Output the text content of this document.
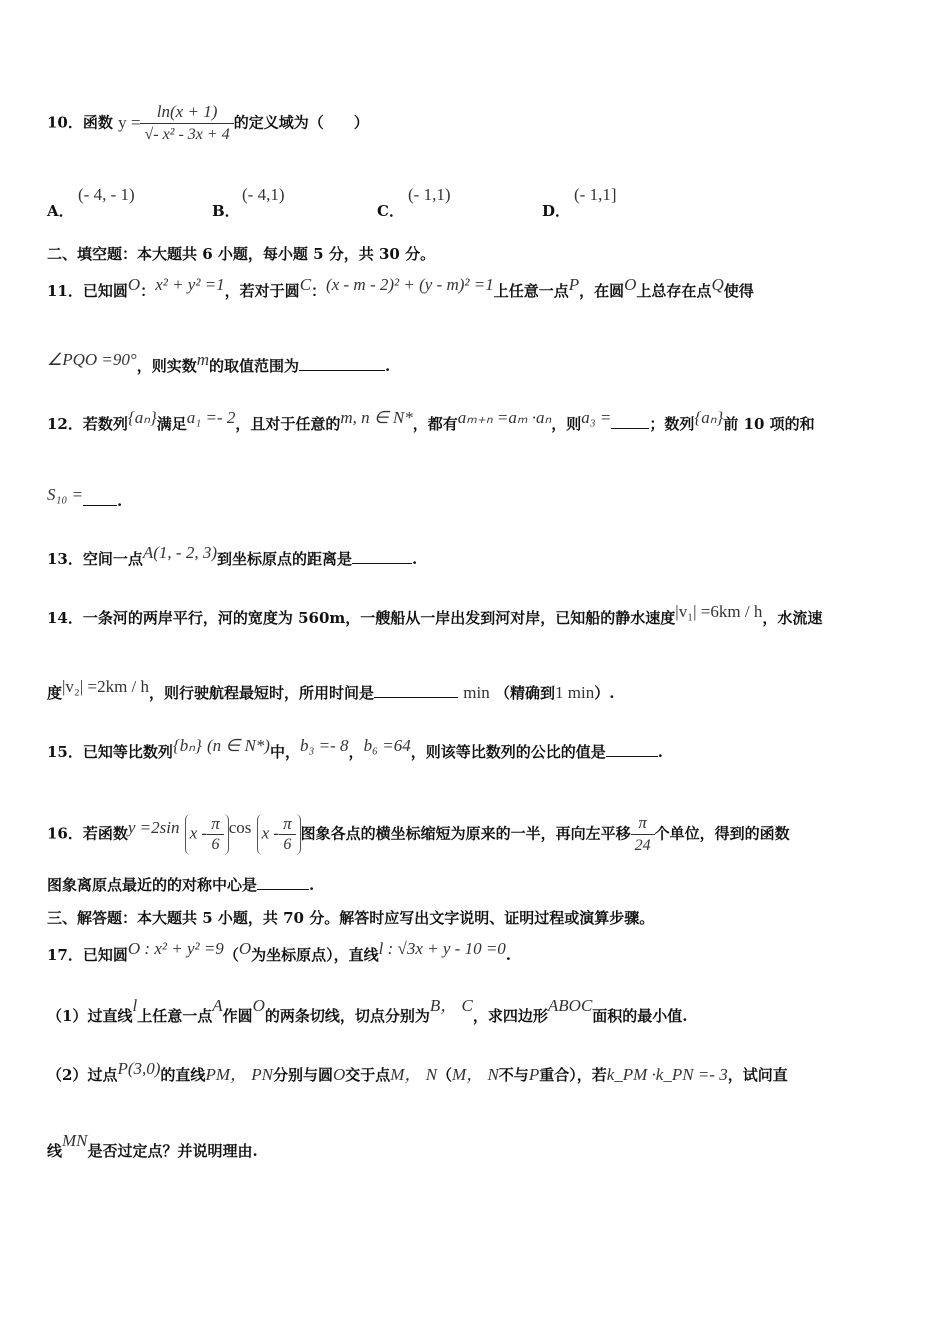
10．函数 $y = \frac{\ln(x + 1)}{\text{√- x² - 3x + 4}}$ 的定义域为（　　）
A．
(- 4, - 1)
B．
(- 4,1)
C．
(- 1,1)
D．
(- 1,1]
二、填空题：本大题共 6 小题，每小题 5 分，共 30 分。
11．已知圆O：x² + y² =1，若对于圆C：(x - m - 2)² + (y - m)² =1上任意一点P，在圆O上总存在点Q使得
∠PQO =90°，则实数m的取值范围为	.
12．若数列{aₙ}满足a₁ =- 2，且对于任意的m, n ∈ N*，都有aₘ₊ₙ =aₘ ·aₙ，则a₃ =	；数列{aₙ}前 10 项的和
S₁₀ = .
13．空间一点A(1, - 2, 3)到坐标原点的距离是	.
14．一条河的两岸平行，河的宽度为 560m，一艘船从一岸出发到河对岸，已知船的静水速度|v₁| =6km / h，水流速
度|v₂| =2km / h，则行驶航程最短时，所用时间是	min （精确到1 min）.
15．已知等比数列{bₙ} (n ∈ N*)中，b₃ =- 8，b₆ =64，则该等比数列的公比的值是	.
16．若函数y =2sin x - $\frac{\pi}{6}$ cos x - $\frac{\pi}{6}$ 图象各点的横坐标缩短为原来的一半，再向左平移 $\frac{\pi}{24}$ 个单位，得到的函数
图象离原点最近的的对称中心是	.
三、解答题：本大题共 5 小题，共 70 分。解答时应写出文字说明、证明过程或演算步骤。
17．已知圆O : x² + y² =9（O为坐标原点），直线l : √3x + y - 10 =0.
（1）过直线l上任意一点A作圆O的两条切线，切点分别为B， C，求四边形ABOC面积的最小值.
（2）过点P(3,0)的直线PM， PN分别与圆O交于点M， N（M， N不与P重合），若k_PM ·k_PN =- 3，试问直
线MN是否过定点？并说明理由.
